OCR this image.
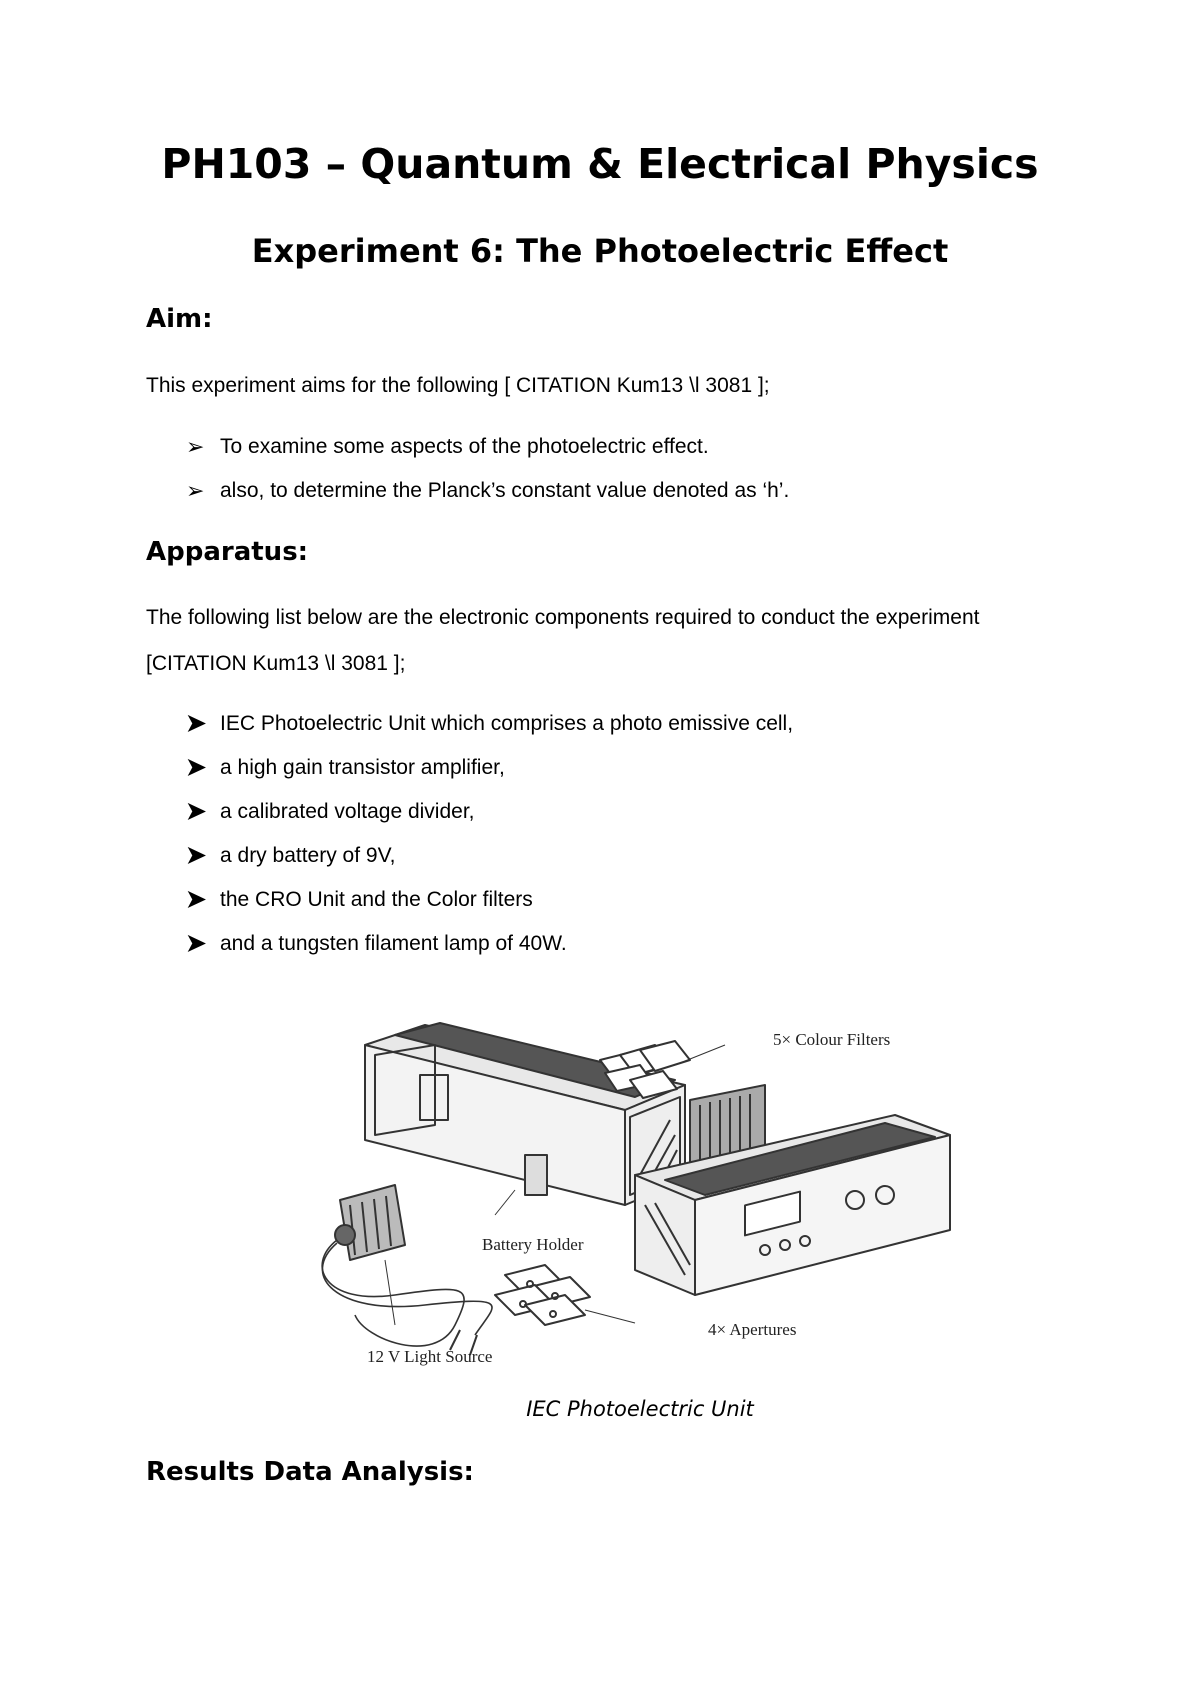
PH103 – Quantum & Electrical Physics
Experiment 6: The Photoelectric Effect
Aim:

This experiment aims for the following [ CITATION Kum13 \l 3081 ];

➢ To examine some aspects of the photoelectric effect.
➢ also, to determine the Planck’s constant value denoted as ‘h’.
Apparatus:

The following list below are the electronic components required to conduct the experiment

[CITATION Kum13 \l 3081 ];

➤ IEC Photoelectric Unit which comprises a photo emissive cell,
➤ a high gain transistor amplifier,
➤ a calibrated voltage divider,
➤ a dry battery of 9V,
➤ the CRO Unit and the Color filters
➤ and a tungsten filament lamp of 40W.
5× Colour Filters
Battery Holder
4× Apertures
12 V Light Source
IEC Photoelectric Unit
Results Data Analysis:
